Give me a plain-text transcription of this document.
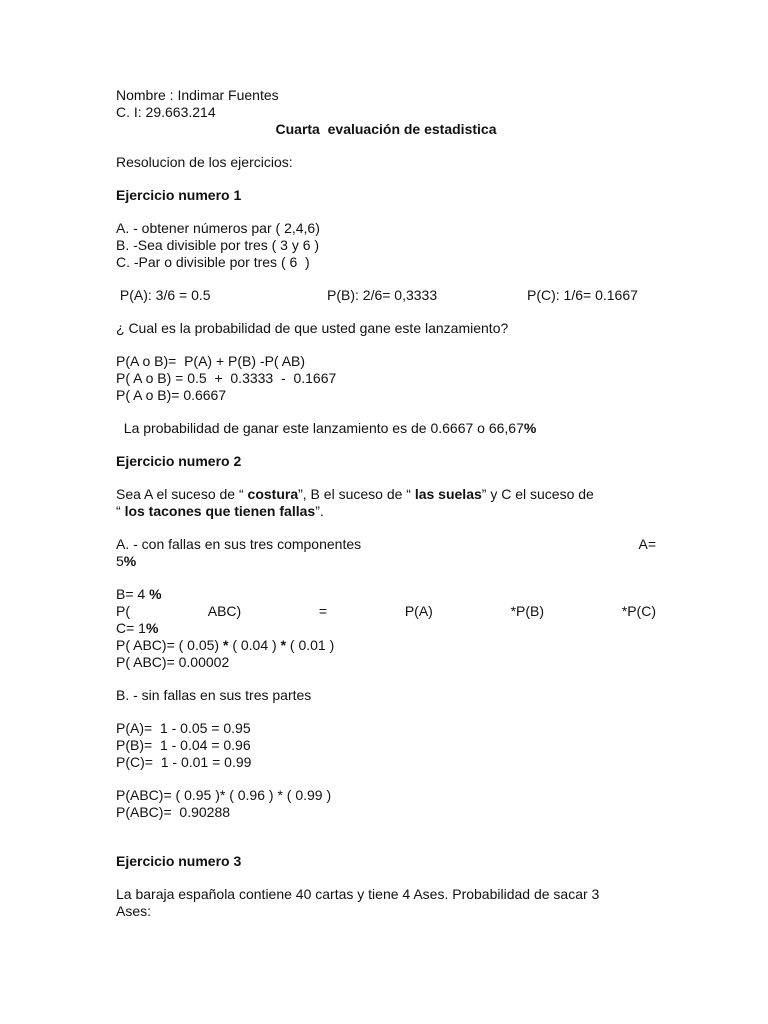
Nombre : Indimar Fuentes
C. I: 29.663.214
Cuarta  evaluación de estadistica
Resolucion de los ejercicios:
Ejercicio numero 1
A. - obtener números par ( 2,4,6)
B. -Sea divisible por tres ( 3 y 6 )
C. -Par o divisible por tres ( 6  )
P(A): 3/6 = 0.5	P(B): 2/6= 0,3333	P(C): 1/6= 0.1667
¿ Cual es la probabilidad de que usted gane este lanzamiento?
P(A o B)=  P(A) + P(B) -P( AB)
P( A o B) = 0.5  +  0.3333  -  0.1667
P( A o B)= 0.6667
La probabilidad de ganar este lanzamiento es de 0.6667 o 66,67%
Ejercicio numero 2
Sea A el suceso de “ costura”, B el suceso de “ las suelas” y C el suceso de
“ los tacones que tienen fallas”.
A. - con fallas en sus tres componentes	A=
5%
B= 4 %
P(	ABC)	=	P(A)	*P(B)	*P(C)
C= 1%
P( ABC)= ( 0.05) * ( 0.04 ) * ( 0.01 )
P( ABC)= 0.00002
B. - sin fallas en sus tres partes
P(A)=  1 - 0.05 = 0.95
P(B)=  1 - 0.04 = 0.96
P(C)=  1 - 0.01 = 0.99
P(ABC)= ( 0.95 )* ( 0.96 ) * ( 0.99 )
P(ABC)=  0.90288
Ejercicio numero 3
La baraja española contiene 40 cartas y tiene 4 Ases. Probabilidad de sacar 3
Ases:
